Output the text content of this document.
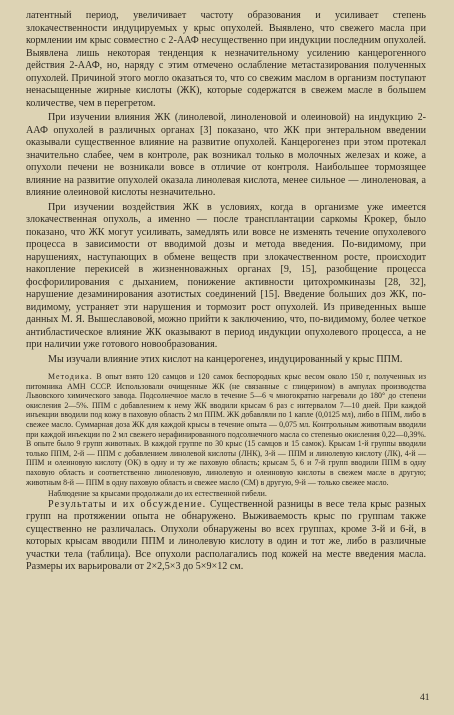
латентный период, увеличивает частоту образования и усиливает степень злокачественности индуцируемых у крыс опухолей. Выявлено, что свежего масла при кормлении им крыс совместно с 2-ААФ несущественно при индукции последним опухолей. Выявлена лишь некоторая тенденция к незначительному усилению канцерогенного действия 2-ААФ, но, наряду с этим отмечено ослабление метастазирования полученных опухолей. Причиной этого могло оказаться то, что со свежим маслом в организм поступают ненасыщенные жирные кислоты (ЖК), которые содержатся в свежем масле в большем количестве, чем в перегретом.

При изучении влияния ЖК (линолевой, линоленовой и олеиновой) на индукцию 2-ААФ опухолей в различных органах [3] показано, что ЖК при энтеральном введении оказывали существенное влияние на развитие опухолей. Канцерогенез при этом протекал значительно слабее, чем в контроле, рак возникал только в молочных железах и коже, а опухоли печени не возникали вовсе в отличие от контроля. Наибольшее тормозящее влияние на развитие опухолей оказала линолевая кислота, менее сильное — линоленовая, а влияние олеиновой кислоты незначительно.

При изучении воздействия ЖК в условиях, когда в организме уже имеется злокачественная опухоль, а именно — после трансплантации саркомы Крокер, было показано, что ЖК могут усиливать, замедлять или вовсе не изменять течение опухолевого процесса в зависимости от вводимой дозы и метода введения. По-видимому, при нарушениях, наступающих в обмене веществ при злокачественном росте, происходит накопление перекисей в жизненноважных органах [9, 15], разобщение процесса фосфорилирования с дыханием, понижение активности цитохромкиназы [28, 32], нарушение дезаминирования азотистых соединений [15]. Введение больших доз ЖК, по-видимому, устраняет эти нарушения и тормозит рост опухолей. Из приведенных выше данных М. Я. Вышеславовой, можно прийти к заключению, что, по-видимому, более четкое антибластическое влияние ЖК оказывают в период индукции опухолевого процесса, а не при наличии уже готового новообразования.

Мы изучали влияние этих кислот на канцерогенез, индуцированный у крыс ППМ.

Методика. В опыт взято 120 самцов и 120 самок беспородных крыс весом около 150 г, полученных из питомника АМН СССР. Использовали очищенные ЖК (не связанные с глицерином) в ампулах производства Львовского химического завода. Подсолнечное масло в течение 5—6 ч многократно нагревали до 180° до степени окисления 2—5%. ППМ с добавлением к нему ЖК вводили крысам 6 раз с интервалом 7—10 дней. При каждой инъекции вводили под кожу в паховую область 2 мл ППМ. ЖК добавляли по 1 капле (0,0125 мл), либо в ППМ, либо в свежее масло. Суммарная доза ЖК для каждой крысы в течение опыта — 0,075 мл. Контрольным животным вводили при каждой инъекции по 2 мл свежего нерафинированного подсолнечного масла со степенью окисления 0,22—0,39%. В опыте было 9 групп животных. В каждой группе по 30 крыс (15 самцов и 15 самок). Крысам 1-й группы вводили только ППМ, 2-й — ППМ с добавлением линолевой кислоты (ЛНК), 3-й — ППМ и линолевую кислоту (ЛК), 4-й — ППМ и олеиновую кислоту (ОК) в одну и ту же паховую область; крысам 5, 6 и 7-й групп вводили ППМ в одну паховую область и соответственно линоленовую, линолевую и олеиновую кислоты в свежем масле в другую; животным 8-й — ППМ в одну паховую область и свежее масло (СМ) в другую, 9-й — только свежее масло.

Наблюдение за крысами продолжали до их естественной гибели.

Результаты и их обсуждение. Существенной разницы в весе тела крыс разных групп на протяжении опыта не обнаружено. Выживаемость крыс по группам также существенно не различалась. Опухоли обнаружены во всех группах, кроме 3-й и 6-й, в которых крысам вводили ППМ и линолевую кислоту в один и тот же, либо в различные участки тела (таблица). Все опухоли располагались под кожей на месте введения масла. Размеры их варьировали от 2×2,5×3 до 5×9×12 см.

41
